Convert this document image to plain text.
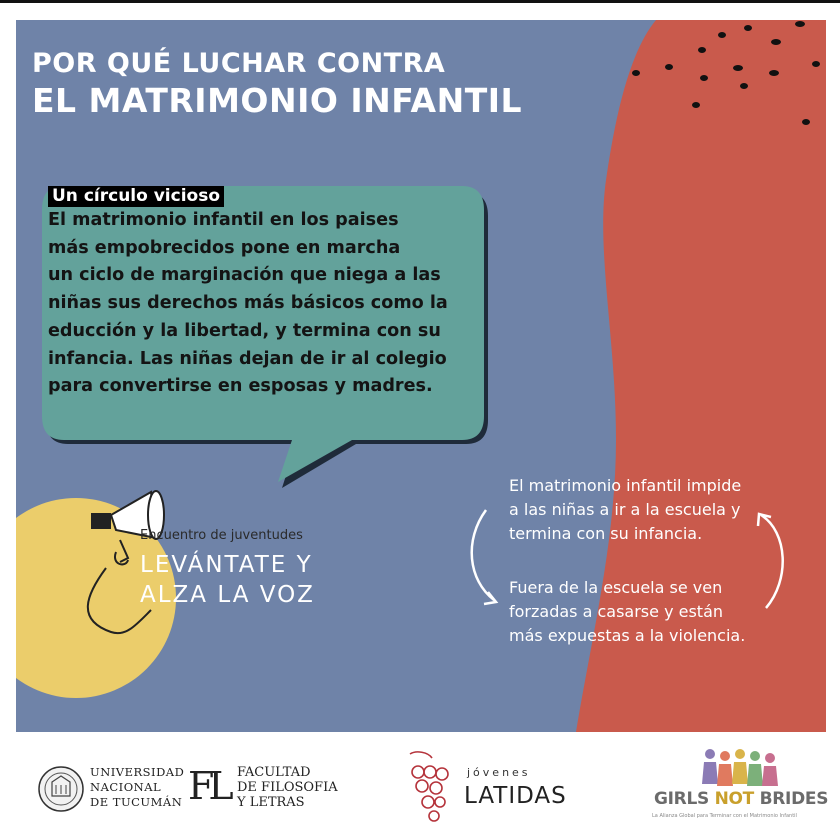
POR QUÉ LUCHAR CONTRA
EL MATRIMONIO INFANTIL
Un círculo vicioso
El matrimonio infantil en los paises
más empobrecidos pone en marcha
un ciclo de marginación que niega a las
niñas sus derechos más básicos como la
educción y la libertad, y termina con su
infancia. Las niñas dejan de ir al colegio
para convertirse en esposas y madres.
El matrimonio infantil impide
a las niñas a ir a la escuela y
termina con su infancia.
Fuera de la escuela se ven
forzadas a casarse y están
más expuestas a la violencia.
Encuentro de juventudes
LEVÁNTATE Y
ALZA LA VOZ
UNIVERSIDAD
NACIONAL
DE TUCUMÁN FL FACULTAD
DE FILOSOFIA
Y LETRAS
jóvenes
LATIDAS	GIRLS NOT BRIDES
La Alianza Global para Terminar con el Matrimonio Infantil
